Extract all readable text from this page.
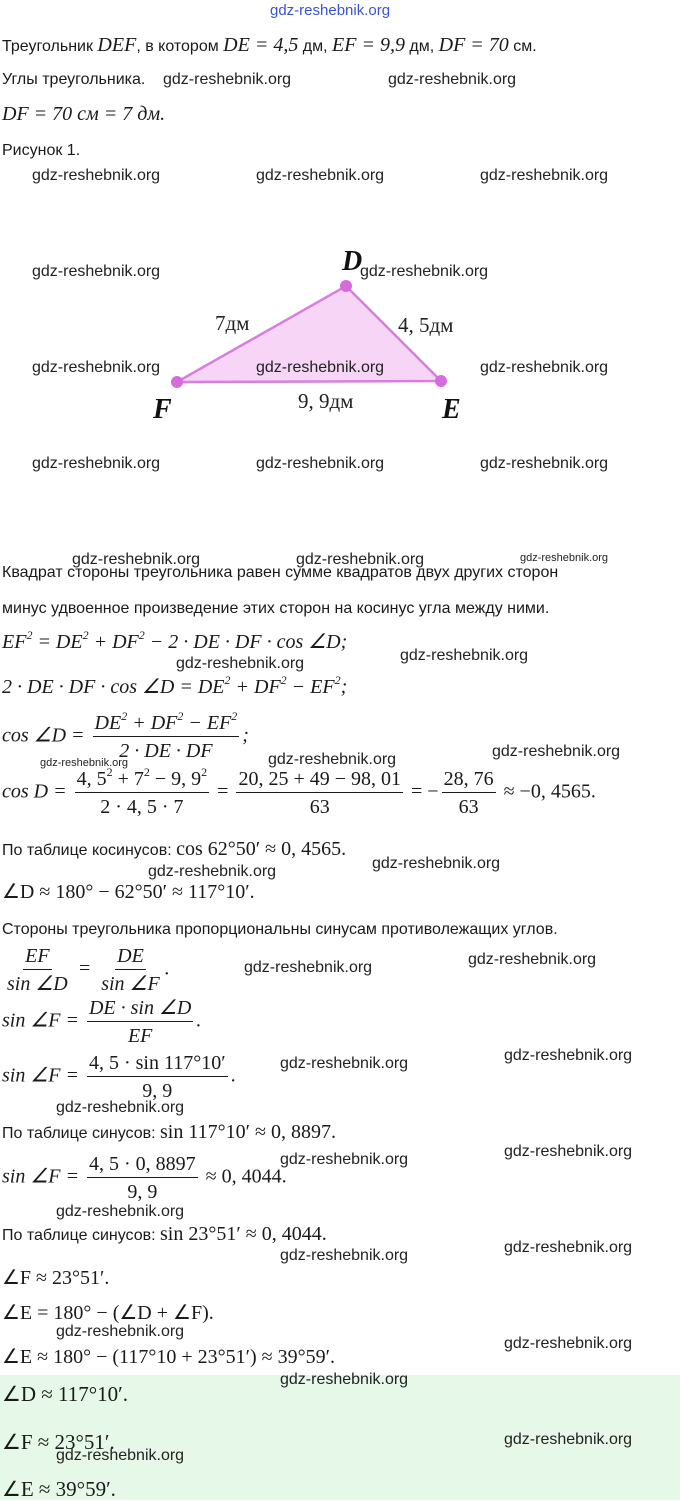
gdz-reshebnik.org
Треугольник DEF, в котором DE = 4,5 дм, EF = 9,9 дм, DF = 70 см.
Углы треугольника.
DF = 70 см = 7 дм.
Рисунок 1.
D
E
F
7дм	4, 5дм
9, 9дм
Квадрат стороны треугольника равен сумме квадратов двух других сторон
минус удвоенное произведение этих сторон на косинус угла между ними.
$EF^2 = DE^2 + DF^2 - 2$ · DE · DF · cos ∠D;
2 · DE · DF · cos ∠D = $DE^2 + DF^2 - EF^2$;
cos ∠D = $\frac{DE^2 + DF^2 - EF^2}{2 \cdot DE \cdot DF}$ ;
$\cos D = \frac{4, 5^2 + 7^2 - 9, 9^2}{2 \cdot 4, 5 \cdot 7} = \frac{20, 25 + 49 - 98, 01}{63}$ = − $\frac{28, 76}{63} \approx -0$, 4565.
По таблице косинусов: cos 62°50′ ≈ 0, 4565.
∠D ≈ 180° − 62°50′ ≈ 117°10′.
Стороны треугольника пропорциональны синусам противолежащих углов.
$\frac{EF}{\sin \angle D} = \frac{DE}{\sin \angle F}$ .
sin ∠F = $\frac{DE \cdot \sin \angle D}{EF}$ .
sin ∠F = $\frac{4, 5 \cdot \sin 117^\circ 10'}{9, 9}$ .
По таблице синусов: sin 117°10′ ≈ 0, 8897.
sin ∠F = $\frac{4, 5 \cdot 0, 8897}{9, 9} \approx 0$, 4044.
По таблице синусов: sin 23°51′ ≈ 0, 4044.
∠F ≈ 23°51′.
∠E = 180° − (∠D + ∠F).
∠E ≈ 180° − (117°10 + 23°51′) ≈ 39°59′.
∠D ≈ 117°10′.
∠F ≈ 23°51′.
∠E ≈ 39°59′.
gdz-reshebnik.org
gdz-reshebnik.org
gdz-reshebnik.org	gdz-reshebnik.org	gdz-reshebnik.org
gdz-reshebnik.org	gdz-reshebnik.org
gdz-reshebnik.org	gdz-reshebnik.org	gdz-reshebnik.org
gdz-reshebnik.org	gdz-reshebnik.org	gdz-reshebnik.org
gdz-reshebnik.org	gdz-reshebnik.org	gdz-reshebnik.org
gdz-reshebnik.org	gdz-reshebnik.org
gdz-reshebnik.org	gdz-reshebnik.org	gdz-reshebnik.org
gdz-reshebnik.org
gdz-reshebnik.org
gdz-reshebnik.org	gdz-reshebnik.org
gdz-reshebnik.org	gdz-reshebnik.org
gdz-reshebnik.org
gdz-reshebnik.org	gdz-reshebnik.org
gdz-reshebnik.org
gdz-reshebnik.org	gdz-reshebnik.org
gdz-reshebnik.org
gdz-reshebnik.org
gdz-reshebnik.org
gdz-reshebnik.org
gdz-reshebnik.org
